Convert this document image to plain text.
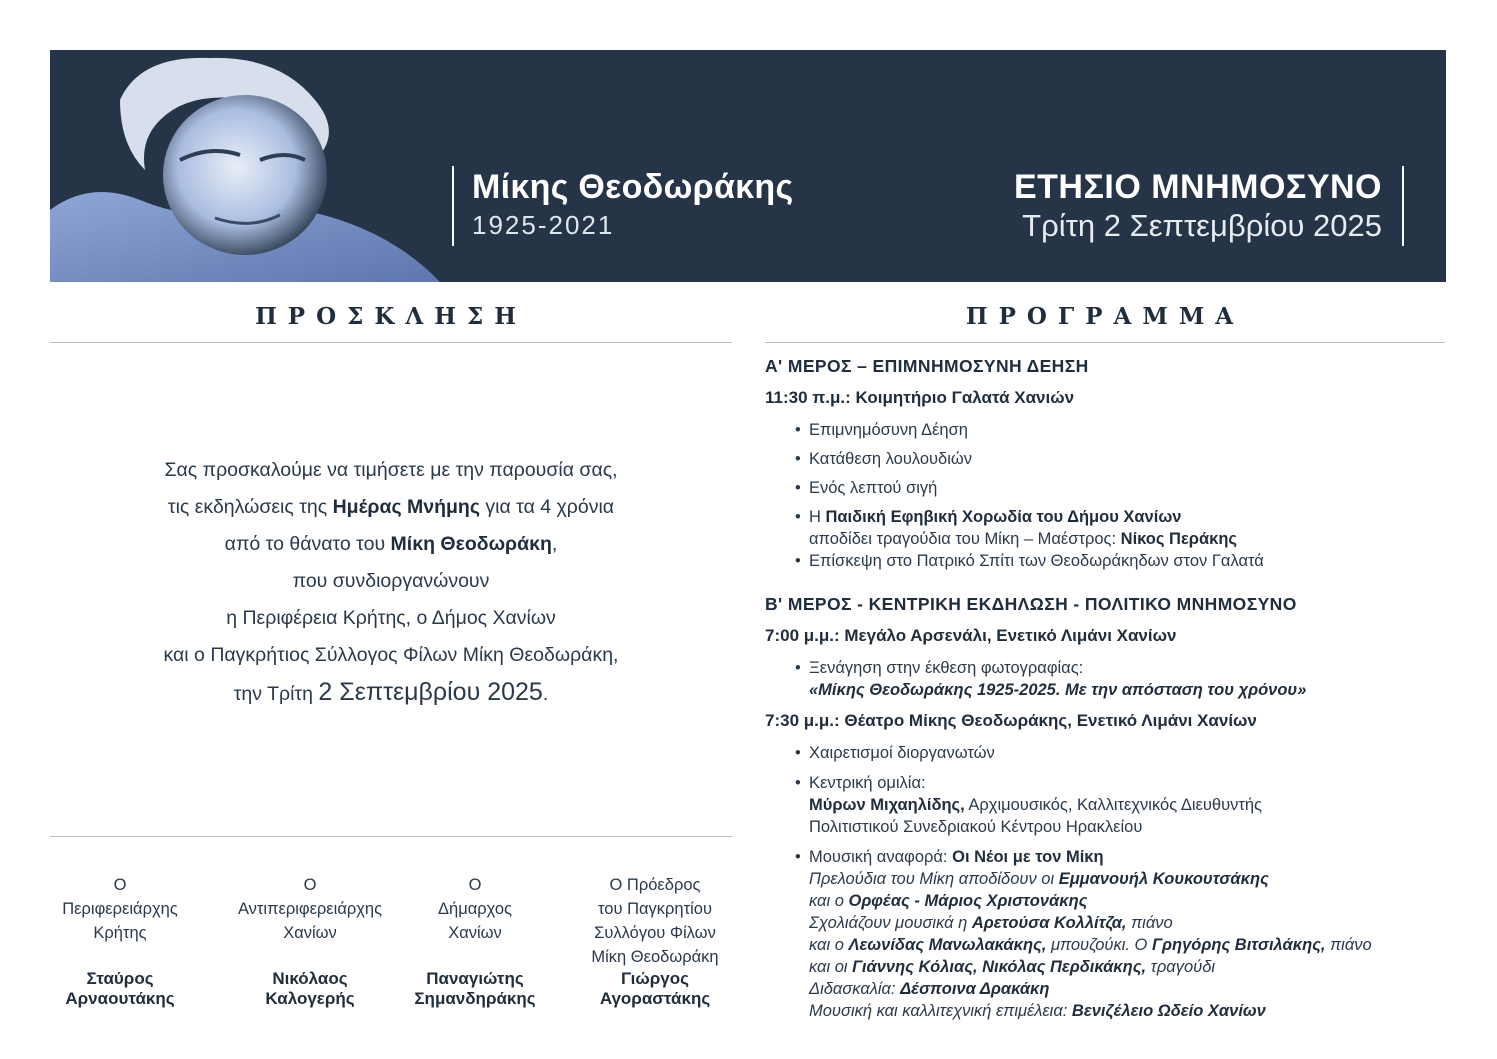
Μίκης Θεοδωράκης
1925-2021
ΕΤΗΣΙΟ ΜΝΗΜΟΣΥΝΟ
Τρίτη 2 Σεπτεμβρίου 2025
ΠΡΟΣΚΛΗΣΗ
Σας προσκαλούμε να τιμήσετε με την παρουσία σας,
τις εκδηλώσεις της Ημέρας Μνήμης για τα 4 χρόνια
από το θάνατο του Μίκη Θεοδωράκη,
που συνδιοργανώνουν
η Περιφέρεια Κρήτης, ο Δήμος Χανίων
και ο Παγκρήτιος Σύλλογος Φίλων Μίκη Θεοδωράκη,
την Τρίτη 2 Σεπτεμβρίου 2025.
Ο
Περιφερειάρχης
Κρήτης
Σταύρος
Αρναουτάκης
Ο
Αντιπεριφερειάρχης
Χανίων
Νικόλαος
Καλογερής
Ο
Δήμαρχος
Χανίων
Παναγιώτης
Σημανδηράκης
Ο Πρόεδρος
του Παγκρητίου
Συλλόγου Φίλων
Μίκη Θεοδωράκη
Γιώργος
Αγοραστάκης
ΠΡΟΓΡΑΜΜΑ
Α' ΜΕΡΟΣ – ΕΠΙΜΝΗΜΟΣΥΝΗ ΔΕΗΣΗ
11:30 π.μ.: Κοιμητήριο Γαλατά Χανιών
• Επιμνημόσυνη Δέηση
• Κατάθεση λουλουδιών
• Ενός λεπτού σιγή
• Η Παιδική Εφηβική Χορωδία του Δήμου Χανίων
αποδίδει τραγούδια του Μίκη – Μαέστρος: Νίκος Περάκης
• Επίσκεψη στο Πατρικό Σπίτι των Θεοδωράκηδων στον Γαλατά
Β' ΜΕΡΟΣ - ΚΕΝΤΡΙΚΗ ΕΚΔΗΛΩΣΗ - ΠΟΛΙΤΙΚΟ ΜΝΗΜΟΣΥΝΟ
7:00 μ.μ.: Μεγάλο Αρσενάλι, Ενετικό Λιμάνι Χανίων
• Ξενάγηση στην έκθεση φωτογραφίας:
«Μίκης Θεοδωράκης 1925-2025. Με την απόσταση του χρόνου»
7:30 μ.μ.: Θέατρο Μίκης Θεοδωράκης, Ενετικό Λιμάνι Χανίων
• Χαιρετισμοί διοργανωτών
• Κεντρική ομιλία:
Μύρων Μιχαηλίδης, Αρχιμουσικός, Καλλιτεχνικός Διευθυντής
Πολιτιστικού Συνεδριακού Κέντρου Ηρακλείου
• Μουσική αναφορά: Οι Νέοι με τον Μίκη
Πρελούδια του Μίκη αποδίδουν οι Εμμανουήλ Κουκουτσάκης
και ο Ορφέας - Μάριος Χριστονάκης
Σχολιάζουν μουσικά η Αρετούσα Κολλίτζα, πιάνο
και ο Λεωνίδας Μανωλακάκης, μπουζούκι. Ο Γρηγόρης Βιτσιλάκης, πιάνο
και οι Γιάννης Κόλιας, Νικόλας Περδικάκης, τραγούδι
Διδασκαλία: Δέσποινα Δρακάκη
Μουσική και καλλιτεχνική επιμέλεια: Βενιζέλειο Ωδείο Χανίων
